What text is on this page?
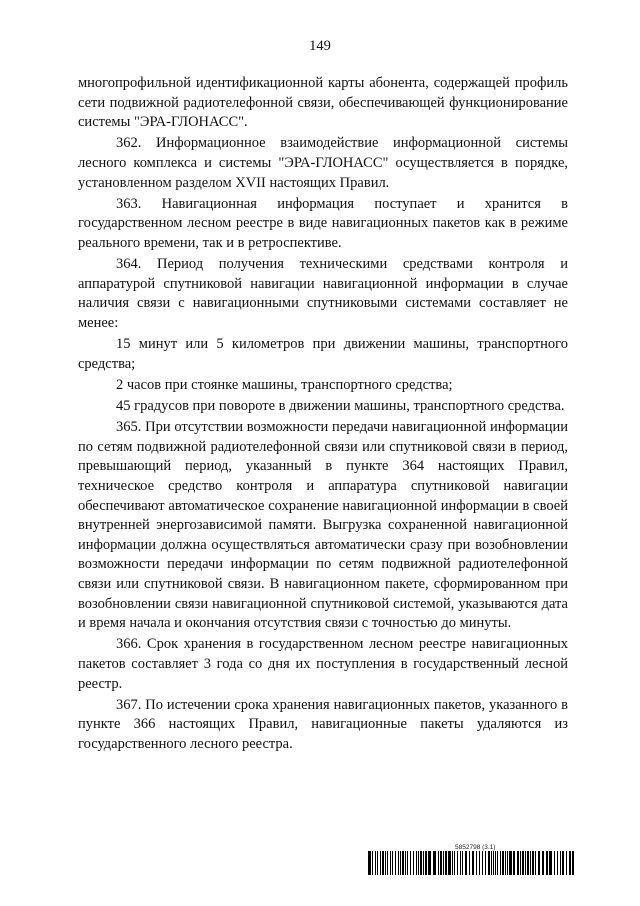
149

многопрофильной идентификационной карты абонента, содержащей профиль сети подвижной радиотелефонной связи, обеспечивающей функционирование системы "ЭРА-ГЛОНАСС".

362. Информационное взаимодействие информационной системы лесного комплекса и системы "ЭРА-ГЛОНАСС" осуществляется в порядке, установленном разделом XVII настоящих Правил.

363. Навигационная информация поступает и хранится в государственном лесном реестре в виде навигационных пакетов как в режиме реального времени, так и в ретроспективе.

364. Период получения техническими средствами контроля и аппаратурой спутниковой навигации навигационной информации в случае наличия связи с навигационными спутниковыми системами составляет не менее:

15 минут или 5 километров при движении машины, транспортного средства;

2 часов при стоянке машины, транспортного средства;

45 градусов при повороте в движении машины, транспортного средства.

365. При отсутствии возможности передачи навигационной информации по сетям подвижной радиотелефонной связи или спутниковой связи в период, превышающий период, указанный в пункте 364 настоящих Правил, техническое средство контроля и аппаратура спутниковой навигации обеспечивают автоматическое сохранение навигационной информации в своей внутренней энергозависимой памяти. Выгрузка сохраненной навигационной информации должна осуществляться автоматически сразу при возобновлении возможности передачи информации по сетям подвижной радиотелефонной связи или спутниковой связи. В навигационном пакете, сформированном при возобновлении связи навигационной спутниковой системой, указываются дата и время начала и окончания отсутствия связи с точностью до минуты.

366. Срок хранения в государственном лесном реестре навигационных пакетов составляет 3 года со дня их поступления в государственный лесной реестр.

367. По истечении срока хранения навигационных пакетов, указанного в пункте 366 настоящих Правил, навигационные пакеты удаляются из государственного лесного реестра.

5852798 (3.1)
